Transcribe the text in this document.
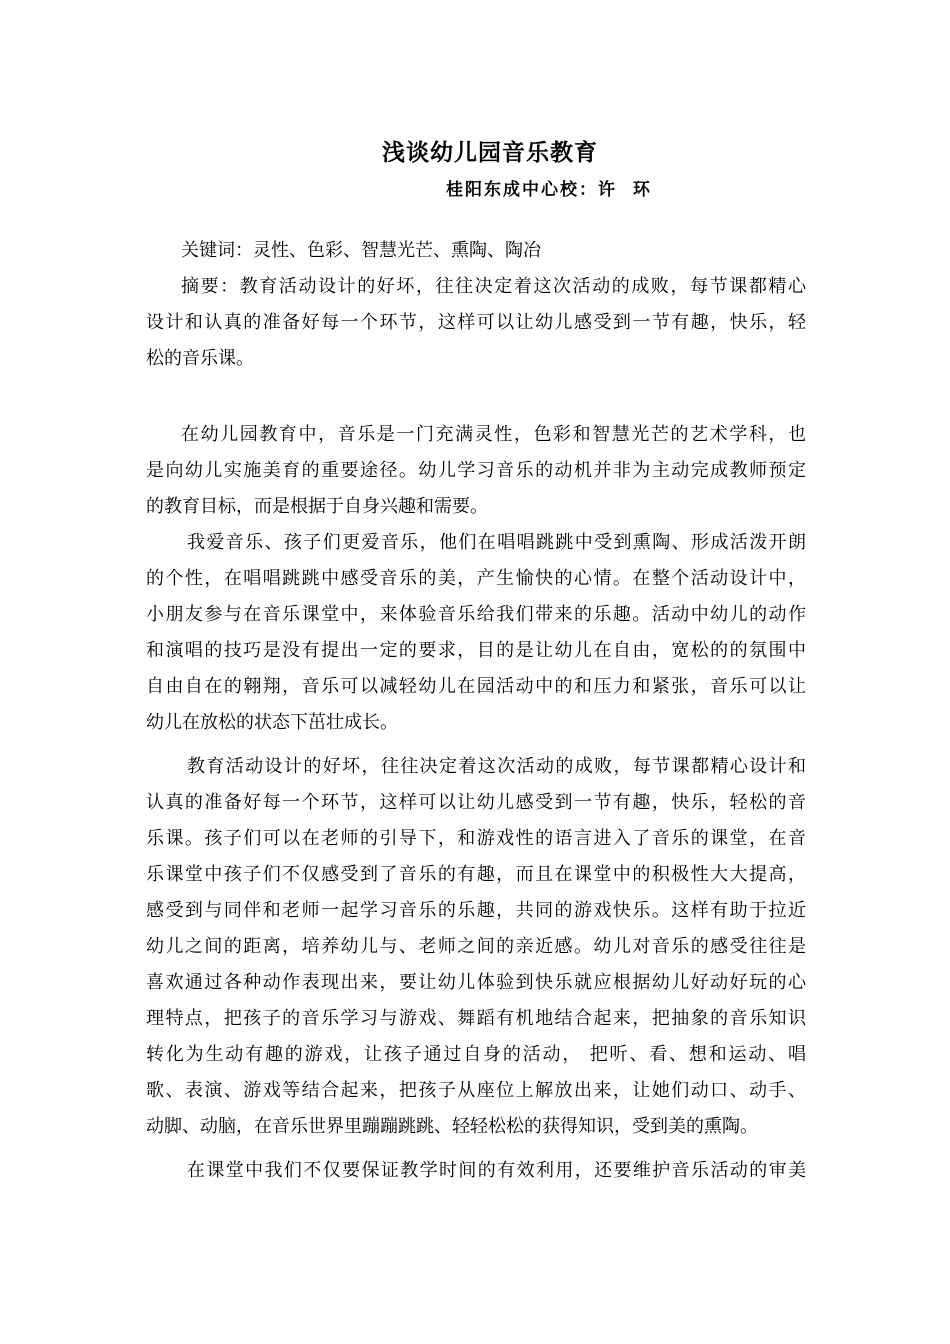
浅谈幼儿园音乐教育
桂阳东成中心校：许  环
关键词：灵性、色彩、智慧光芒、熏陶、陶冶
摘要：教育活动设计的好坏，往往决定着这次活动的成败，每节课都精心
设计和认真的准备好每一个环节，这样可以让幼儿感受到一节有趣，快乐，轻
松的音乐课。
在幼儿园教育中，音乐是一门充满灵性，色彩和智慧光芒的艺术学科，也
是向幼儿实施美育的重要途径。幼儿学习音乐的动机并非为主动完成教师预定
的教育目标，而是根据于自身兴趣和需要。
我爱音乐、孩子们更爱音乐，他们在唱唱跳跳中受到熏陶、形成活泼开朗
的个性，在唱唱跳跳中感受音乐的美，产生愉快的心情。在整个活动设计中，
小朋友参与在音乐课堂中，来体验音乐给我们带来的乐趣。活动中幼儿的动作
和演唱的技巧是没有提出一定的要求，目的是让幼儿在自由，宽松的的氛围中
自由自在的翱翔，音乐可以减轻幼儿在园活动中的和压力和紧张，音乐可以让
幼儿在放松的状态下茁壮成长。
教育活动设计的好坏，往往决定着这次活动的成败，每节课都精心设计和
认真的准备好每一个环节，这样可以让幼儿感受到一节有趣，快乐，轻松的音
乐课。孩子们可以在老师的引导下，和游戏性的语言进入了音乐的课堂，在音
乐课堂中孩子们不仅感受到了音乐的有趣，而且在课堂中的积极性大大提高，
感受到与同伴和老师一起学习音乐的乐趣，共同的游戏快乐。这样有助于拉近
幼儿之间的距离，培养幼儿与、老师之间的亲近感。幼儿对音乐的感受往往是
喜欢通过各种动作表现出来，要让幼儿体验到快乐就应根据幼儿好动好玩的心
理特点，把孩子的音乐学习与游戏、舞蹈有机地结合起来，把抽象的音乐知识
转化为生动有趣的游戏，让孩子通过自身的活动， 把听、看、想和运动、唱
歌、表演、游戏等结合起来，把孩子从座位上解放出来，让她们动口、动手、
动脚、动脑，在音乐世界里蹦蹦跳跳、轻轻松松的获得知识，受到美的熏陶。
在课堂中我们不仅要保证教学时间的有效利用，还要维护音乐活动的审美
